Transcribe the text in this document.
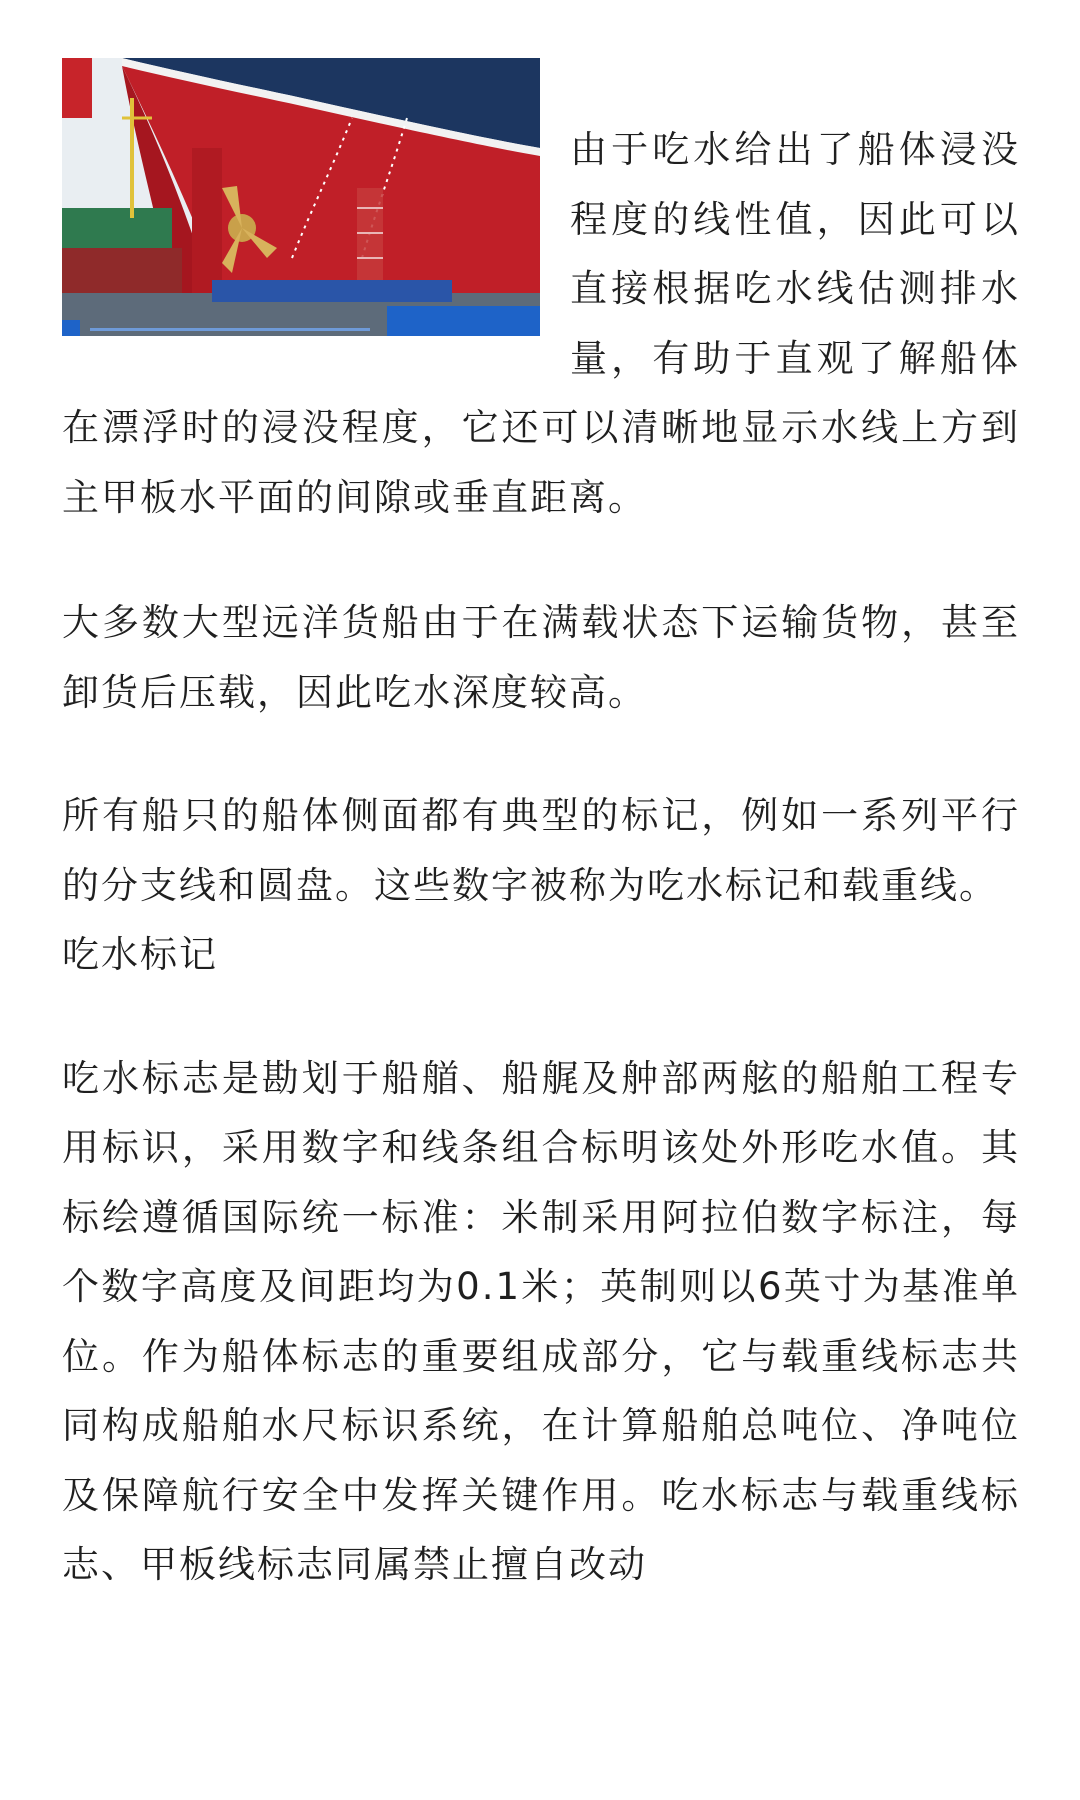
由于吃水给出了船体浸没程度的线性值，因此可以直接根据吃水线估测排水量，有助于直观了解船体在漂浮时的浸没程度，它还可以清晰地显示水线上方到主甲板水平面的间隙或垂直距离。

大多数大型远洋货船由于在满载状态下运输货物，甚至卸货后压载，因此吃水深度较高。

所有船只的船体侧面都有典型的标记，例如一系列平行的分支线和圆盘。这些数字被称为吃水标记和载重线。

吃水标记

吃水标志是勘划于船艏、船艉及舯部两舷的船舶工程专用标识，采用数字和线条组合标明该处外形吃水值。其标绘遵循国际统一标准：米制采用阿拉伯数字标注，每个数字高度及间距均为0.1米；英制则以6英寸为基准单位。作为船体标志的重要组成部分，它与载重线标志共同构成船舶水尺标识系统，在计算船舶总吨位、净吨位及保障航行安全中发挥关键作用。吃水标志与载重线标志、甲板线标志同属禁止擅自改动
